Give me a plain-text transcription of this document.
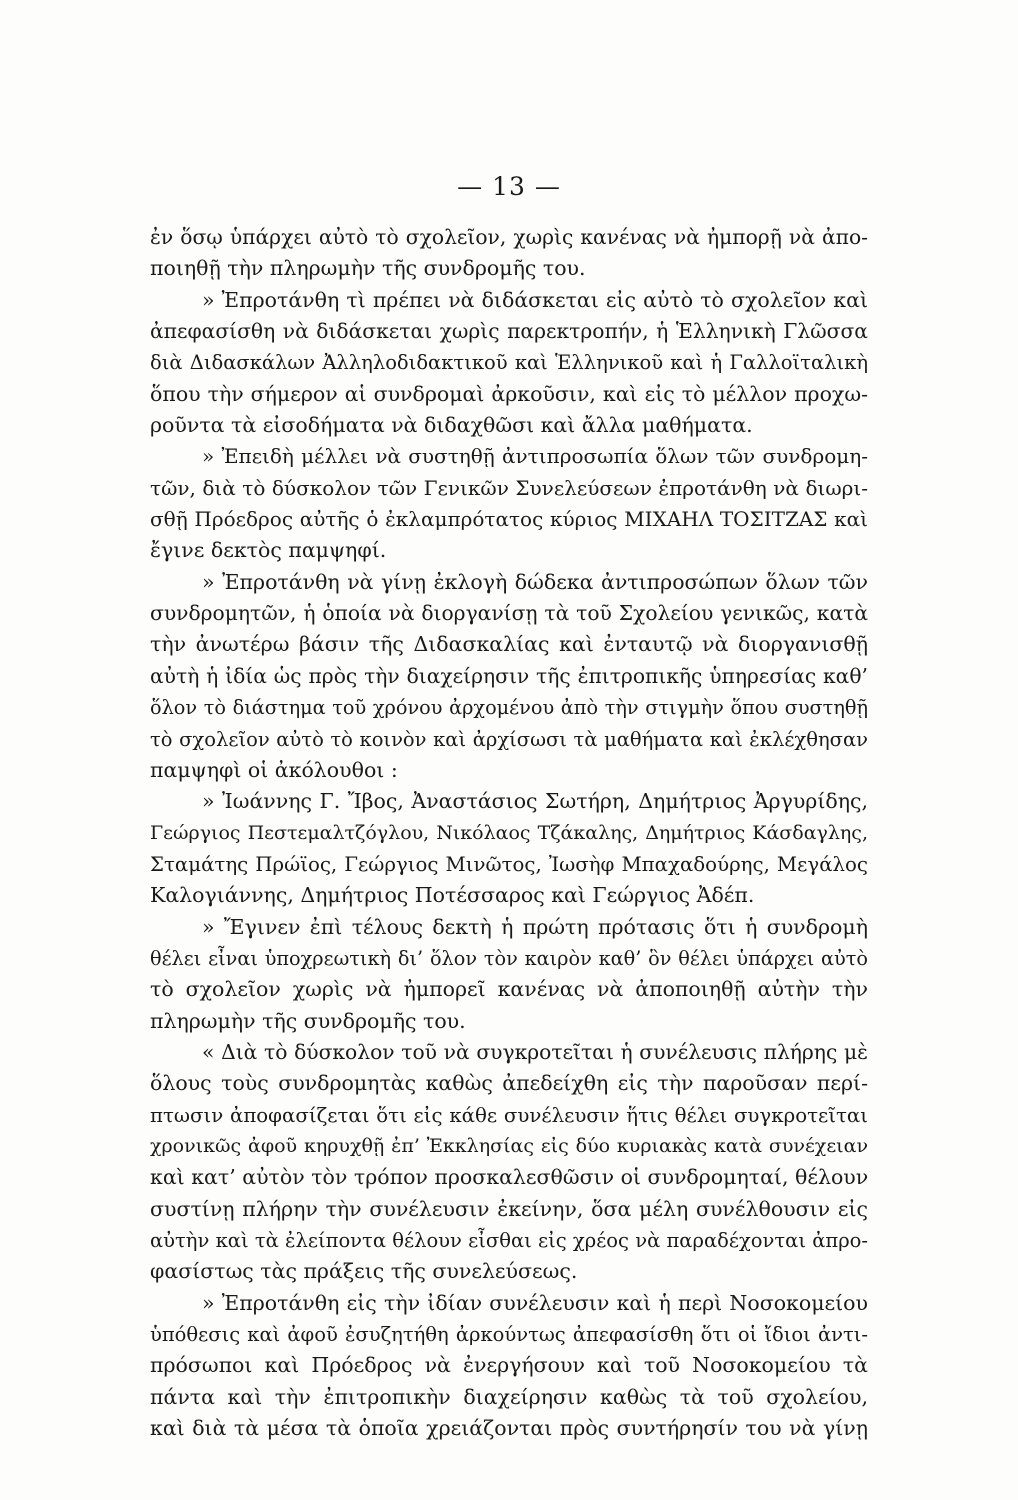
— 13 —
ἐν ὅσῳ ὑπάρχει αὐτὸ τὸ σχολεῖον, χωρὶς κανένας νὰ ἠμπορῇ νὰ ἀπο-
ποιηθῇ τὴν πληρωμὴν τῆς συνδρομῆς του.
» Ἐπροτάνθη τὶ πρέπει νὰ διδάσκεται εἰς αὐτὸ τὸ σχολεῖον καὶ
ἀπεφασίσθη νὰ διδάσκεται χωρὶς παρεκτροπήν, ἡ Ἑλληνικὴ Γλῶσσα
διὰ Διδασκάλων Ἀλληλοδιδακτικοῦ καὶ Ἑλληνικοῦ καὶ ἡ Γαλλοϊταλικὴ
ὅπου τὴν σήμερον αἱ συνδρομαὶ ἀρκοῦσιν, καὶ εἰς τὸ μέλλον προχω-
ροῦντα τὰ εἰσοδήματα νὰ διδαχθῶσι καὶ ἄλλα μαθήματα.
» Ἐπειδὴ μέλλει νὰ συστηθῇ ἀντιπροσωπία ὅλων τῶν συνδρομη-
τῶν, διὰ τὸ δύσκολον τῶν Γενικῶν Συνελεύσεων ἐπροτάνθη νὰ διωρι-
σθῇ Πρόεδρος αὐτῆς ὁ ἐκλαμπρότατος κύριος ΜΙΧΑΗΛ ΤΟΣΙΤΖΑΣ καὶ
ἔγινε δεκτὸς παμψηφί.
» Ἐπροτάνθη νὰ γίνῃ ἐκλογὴ δώδεκα ἀντιπροσώπων ὅλων τῶν
συνδρομητῶν, ἡ ὁποία νὰ διοργανίσῃ τὰ τοῦ Σχολείου γενικῶς, κατὰ
τὴν ἀνωτέρω βάσιν τῆς Διδασκαλίας καὶ ἐνταυτῷ νὰ διοργανισθῇ
αὐτὴ ἡ ἰδία ὡς πρὸς τὴν διαχείρησιν τῆς ἐπιτροπικῆς ὑπηρεσίας καθ’
ὅλον τὸ διάστημα τοῦ χρόνου ἀρχομένου ἀπὸ τὴν στιγμὴν ὅπου συστηθῇ
τὸ σχολεῖον αὐτὸ τὸ κοινὸν καὶ ἀρχίσωσι τὰ μαθήματα καὶ ἐκλέχθησαν
παμψηφὶ οἱ ἀκόλουθοι :
» Ἰωάννης Γ. Ἴβος, Ἀναστάσιος Σωτήρη, Δημήτριος Ἀργυρίδης,
Γεώργιος Πεστεμαλτζόγλου, Νικόλαος Τζάκαλης, Δημήτριος Κάσδαγλης,
Σταμάτης Πρώϊος, Γεώργιος Μινῶτος, Ἰωσὴφ Μπαχαδούρης, Μεγάλος
Καλογιάννης, Δημήτριος Ποτέσσαρος καὶ Γεώργιος Ἀδέπ.
» Ἔγινεν ἐπὶ τέλους δεκτὴ ἡ πρώτη πρότασις ὅτι ἡ συνδρομὴ
θέλει εἶναι ὑποχρεωτικὴ δι’ ὅλον τὸν καιρὸν καθ’ ὃν θέλει ὑπάρχει αὐτὸ
τὸ σχολεῖον χωρὶς νὰ ἠμπορεῖ κανένας νὰ ἀποποιηθῇ αὐτὴν τὴν
πληρωμὴν τῆς συνδρομῆς του.
« Διὰ τὸ δύσκολον τοῦ νὰ συγκροτεῖται ἡ συνέλευσις πλήρης μὲ
ὅλους τοὺς συνδρομητὰς καθὼς ἀπεδείχθη εἰς τὴν παροῦσαν περί-
πτωσιν ἀποφασίζεται ὅτι εἰς κάθε συνέλευσιν ἥτις θέλει συγκροτεῖται
χρονικῶς ἀφοῦ κηρυχθῇ ἐπ’ Ἐκκλησίας εἰς δύο κυριακὰς κατὰ συνέχειαν
καὶ κατ’ αὐτὸν τὸν τρόπον προσκαλεσθῶσιν οἱ συνδρομηταί, θέλουν
συστίνῃ πλήρην τὴν συνέλευσιν ἐκείνην, ὅσα μέλη συνέλθουσιν εἰς
αὐτὴν καὶ τὰ ἐλείποντα θέλουν εἶσθαι εἰς χρέος νὰ παραδέχονται ἀπρο-
φασίστως τὰς πράξεις τῆς συνελεύσεως.
» Ἐπροτάνθη εἰς τὴν ἰδίαν συνέλευσιν καὶ ἡ περὶ Νοσοκομείου
ὑπόθεσις καὶ ἀφοῦ ἐσυζητήθη ἀρκούντως ἀπεφασίσθη ὅτι οἱ ἴδιοι ἀντι-
πρόσωποι καὶ Πρόεδρος νὰ ἐνεργήσουν καὶ τοῦ Νοσοκομείου τὰ
πάντα καὶ τὴν ἐπιτροπικὴν διαχείρησιν καθὼς τὰ τοῦ σχολείου,
καὶ διὰ τὰ μέσα τὰ ὁποῖα χρειάζονται πρὸς συντήρησίν του νὰ γίνῃ
